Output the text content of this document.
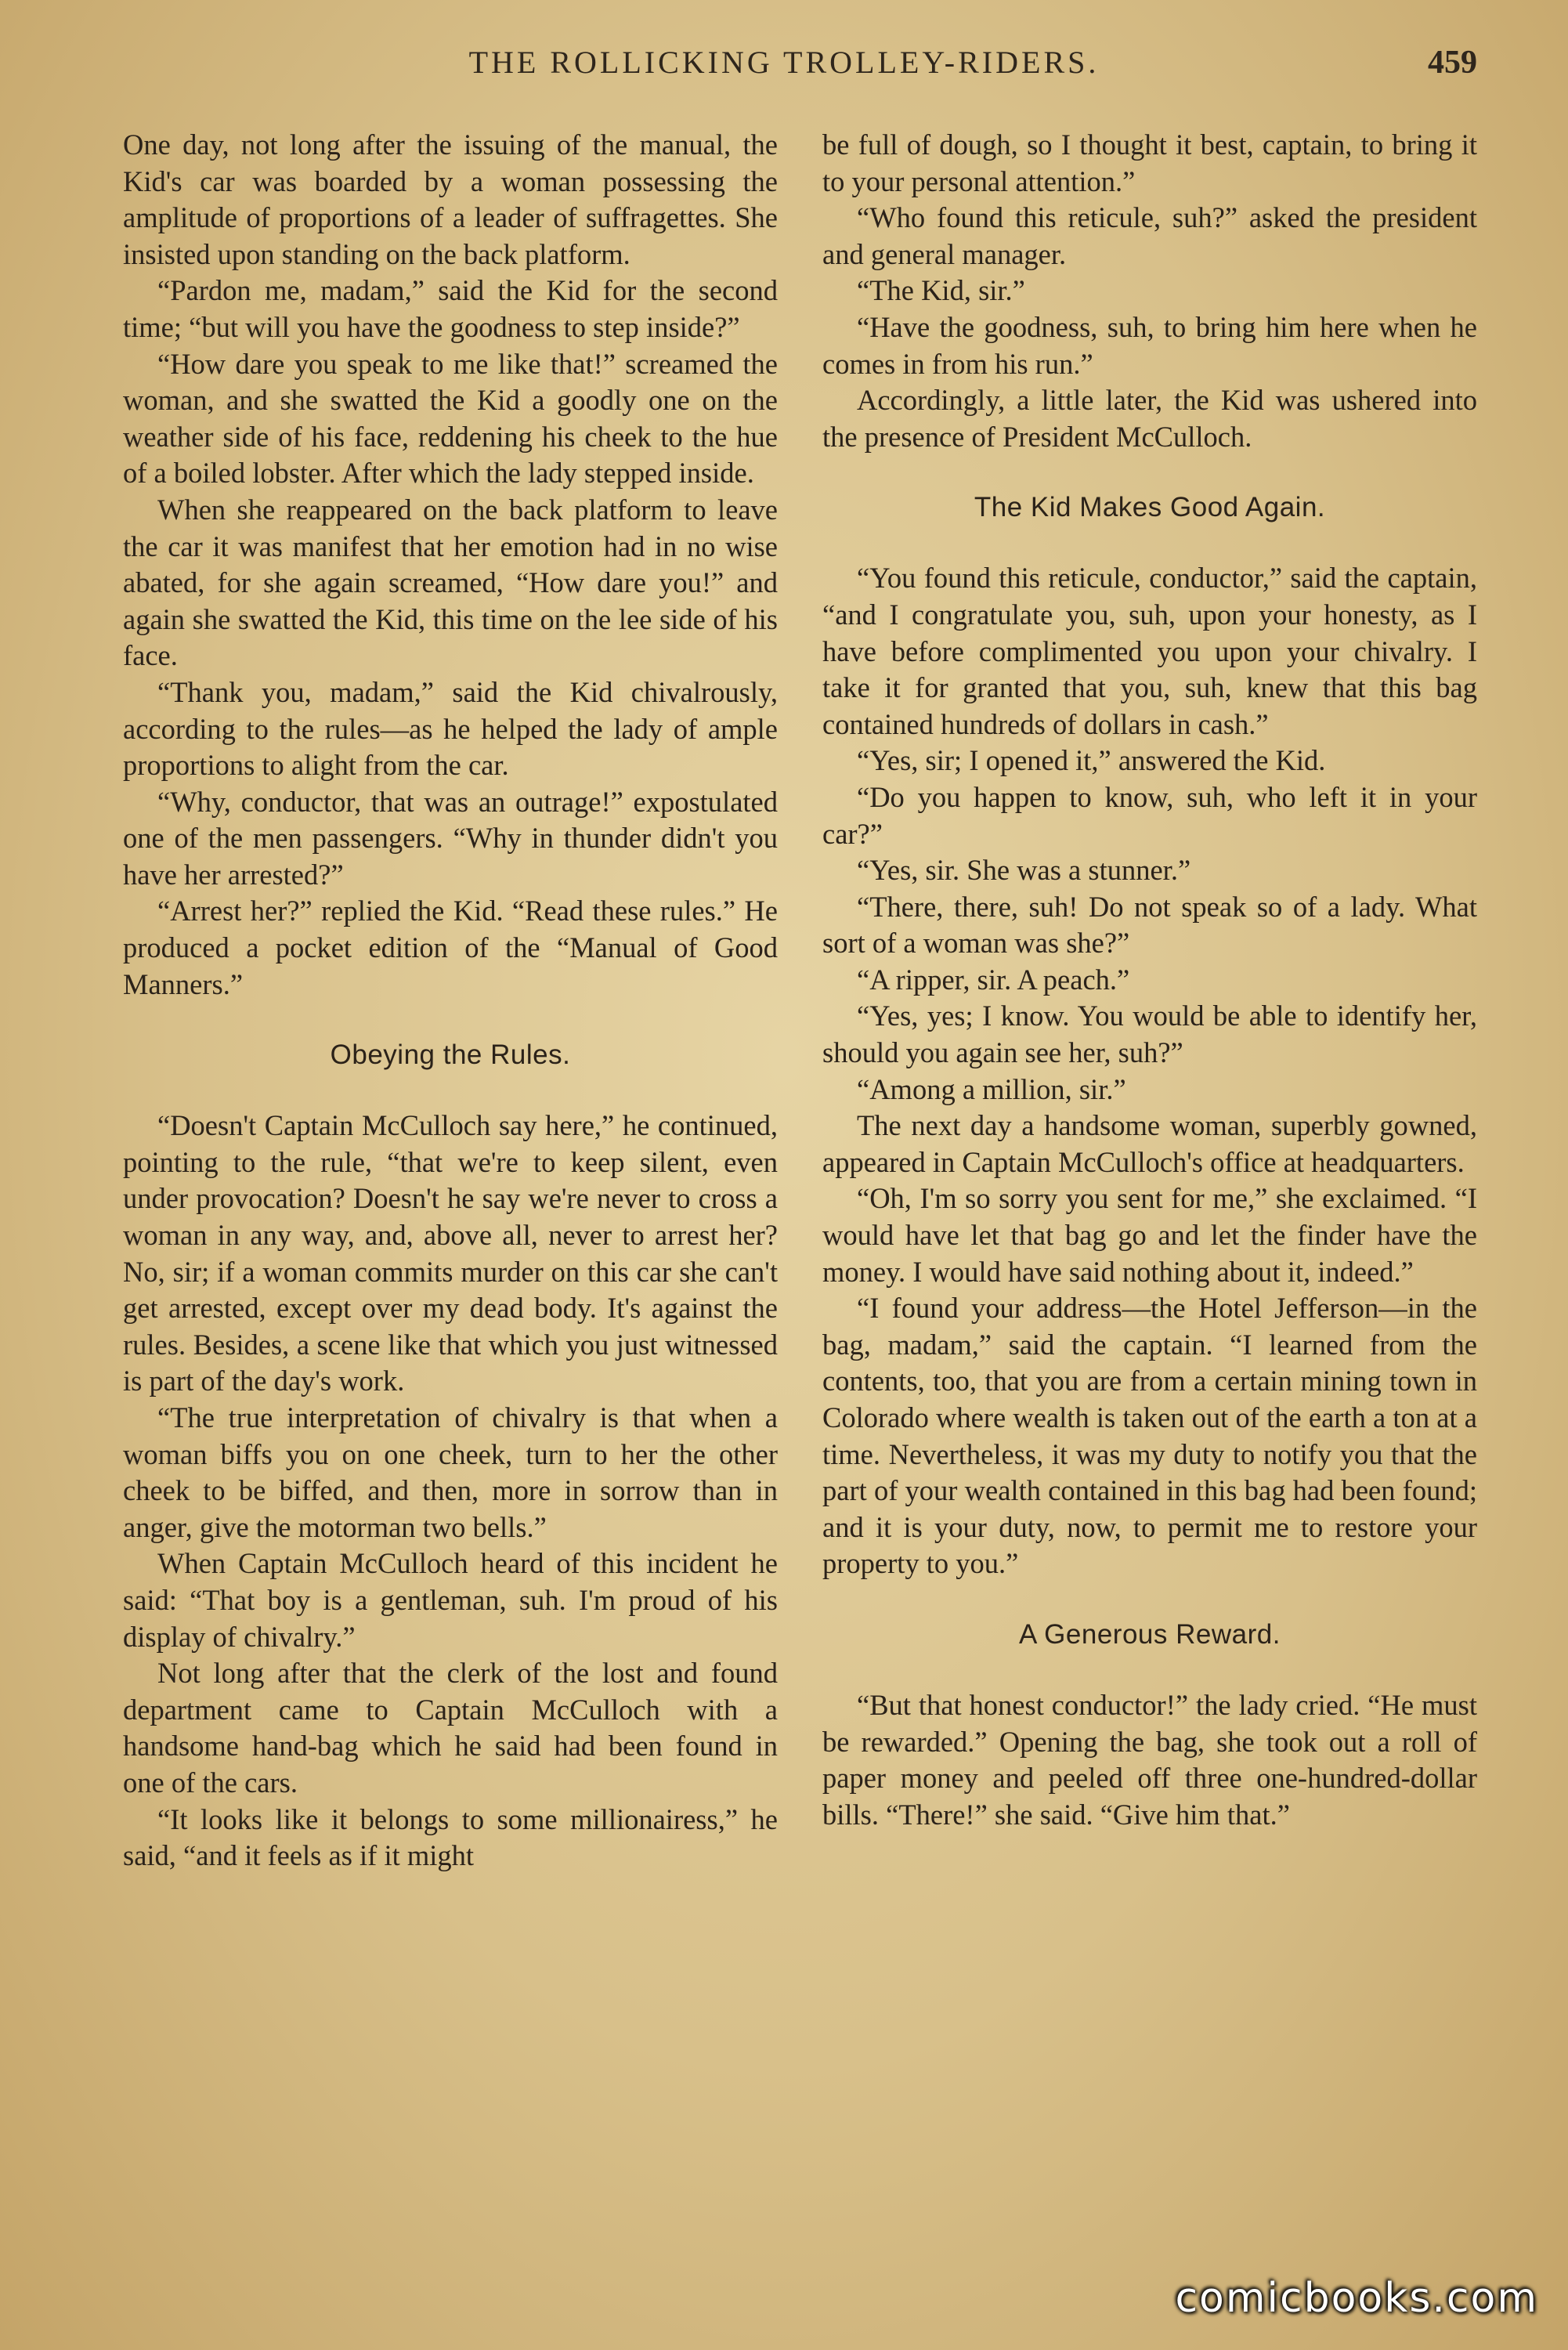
THE ROLLICKING TROLLEY-RIDERS.	459

One day, not long after the issuing of the manual, the Kid's car was boarded by a woman possessing the amplitude of proportions of a leader of suffragettes. She insisted upon standing on the back platform.

“Pardon me, madam,” said the Kid for the second time; “but will you have the goodness to step inside?”

“How dare you speak to me like that!” screamed the woman, and she swatted the Kid a goodly one on the weather side of his face, reddening his cheek to the hue of a boiled lobster. After which the lady stepped inside.

When she reappeared on the back platform to leave the car it was manifest that her emotion had in no wise abated, for she again screamed, “How dare you!” and again she swatted the Kid, this time on the lee side of his face.

“Thank you, madam,” said the Kid chivalrously, according to the rules—as he helped the lady of ample proportions to alight from the car.

“Why, conductor, that was an outrage!” expostulated one of the men passengers. “Why in thunder didn't you have her arrested?”

“Arrest her?” replied the Kid. “Read these rules.” He produced a pocket edition of the “Manual of Good Manners.”

Obeying the Rules.

“Doesn't Captain McCulloch say here,” he continued, pointing to the rule, “that we're to keep silent, even under provocation? Doesn't he say we're never to cross a woman in any way, and, above all, never to arrest her? No, sir; if a woman commits murder on this car she can't get arrested, except over my dead body. It's against the rules. Besides, a scene like that which you just witnessed is part of the day's work.

“The true interpretation of chivalry is that when a woman biffs you on one cheek, turn to her the other cheek to be biffed, and then, more in sorrow than in anger, give the motorman two bells.”

When Captain McCulloch heard of this incident he said: “That boy is a gentleman, suh. I'm proud of his display of chivalry.”

Not long after that the clerk of the lost and found department came to Captain McCulloch with a handsome hand-bag which he said had been found in one of the cars.

“It looks like it belongs to some millionairess,” he said, “and it feels as if it might

be full of dough, so I thought it best, captain, to bring it to your personal attention.”

“Who found this reticule, suh?” asked the president and general manager.

“The Kid, sir.”

“Have the goodness, suh, to bring him here when he comes in from his run.”

Accordingly, a little later, the Kid was ushered into the presence of President McCulloch.

The Kid Makes Good Again.

“You found this reticule, conductor,” said the captain, “and I congratulate you, suh, upon your honesty, as I have before complimented you upon your chivalry. I take it for granted that you, suh, knew that this bag contained hundreds of dollars in cash.”

“Yes, sir; I opened it,” answered the Kid.

“Do you happen to know, suh, who left it in your car?”

“Yes, sir. She was a stunner.”

“There, there, suh! Do not speak so of a lady. What sort of a woman was she?”

“A ripper, sir. A peach.”

“Yes, yes; I know. You would be able to identify her, should you again see her, suh?”

“Among a million, sir.”

The next day a handsome woman, superbly gowned, appeared in Captain McCulloch's office at headquarters.

“Oh, I'm so sorry you sent for me,” she exclaimed. “I would have let that bag go and let the finder have the money. I would have said nothing about it, indeed.”

“I found your address—the Hotel Jefferson—in the bag, madam,” said the captain. “I learned from the contents, too, that you are from a certain mining town in Colorado where wealth is taken out of the earth a ton at a time. Nevertheless, it was my duty to notify you that the part of your wealth contained in this bag had been found; and it is your duty, now, to permit me to restore your property to you.”

A Generous Reward.

“But that honest conductor!” the lady cried. “He must be rewarded.” Opening the bag, she took out a roll of paper money and peeled off three one-hundred-dollar bills. “There!” she said. “Give him that.”

comicbooks.com
